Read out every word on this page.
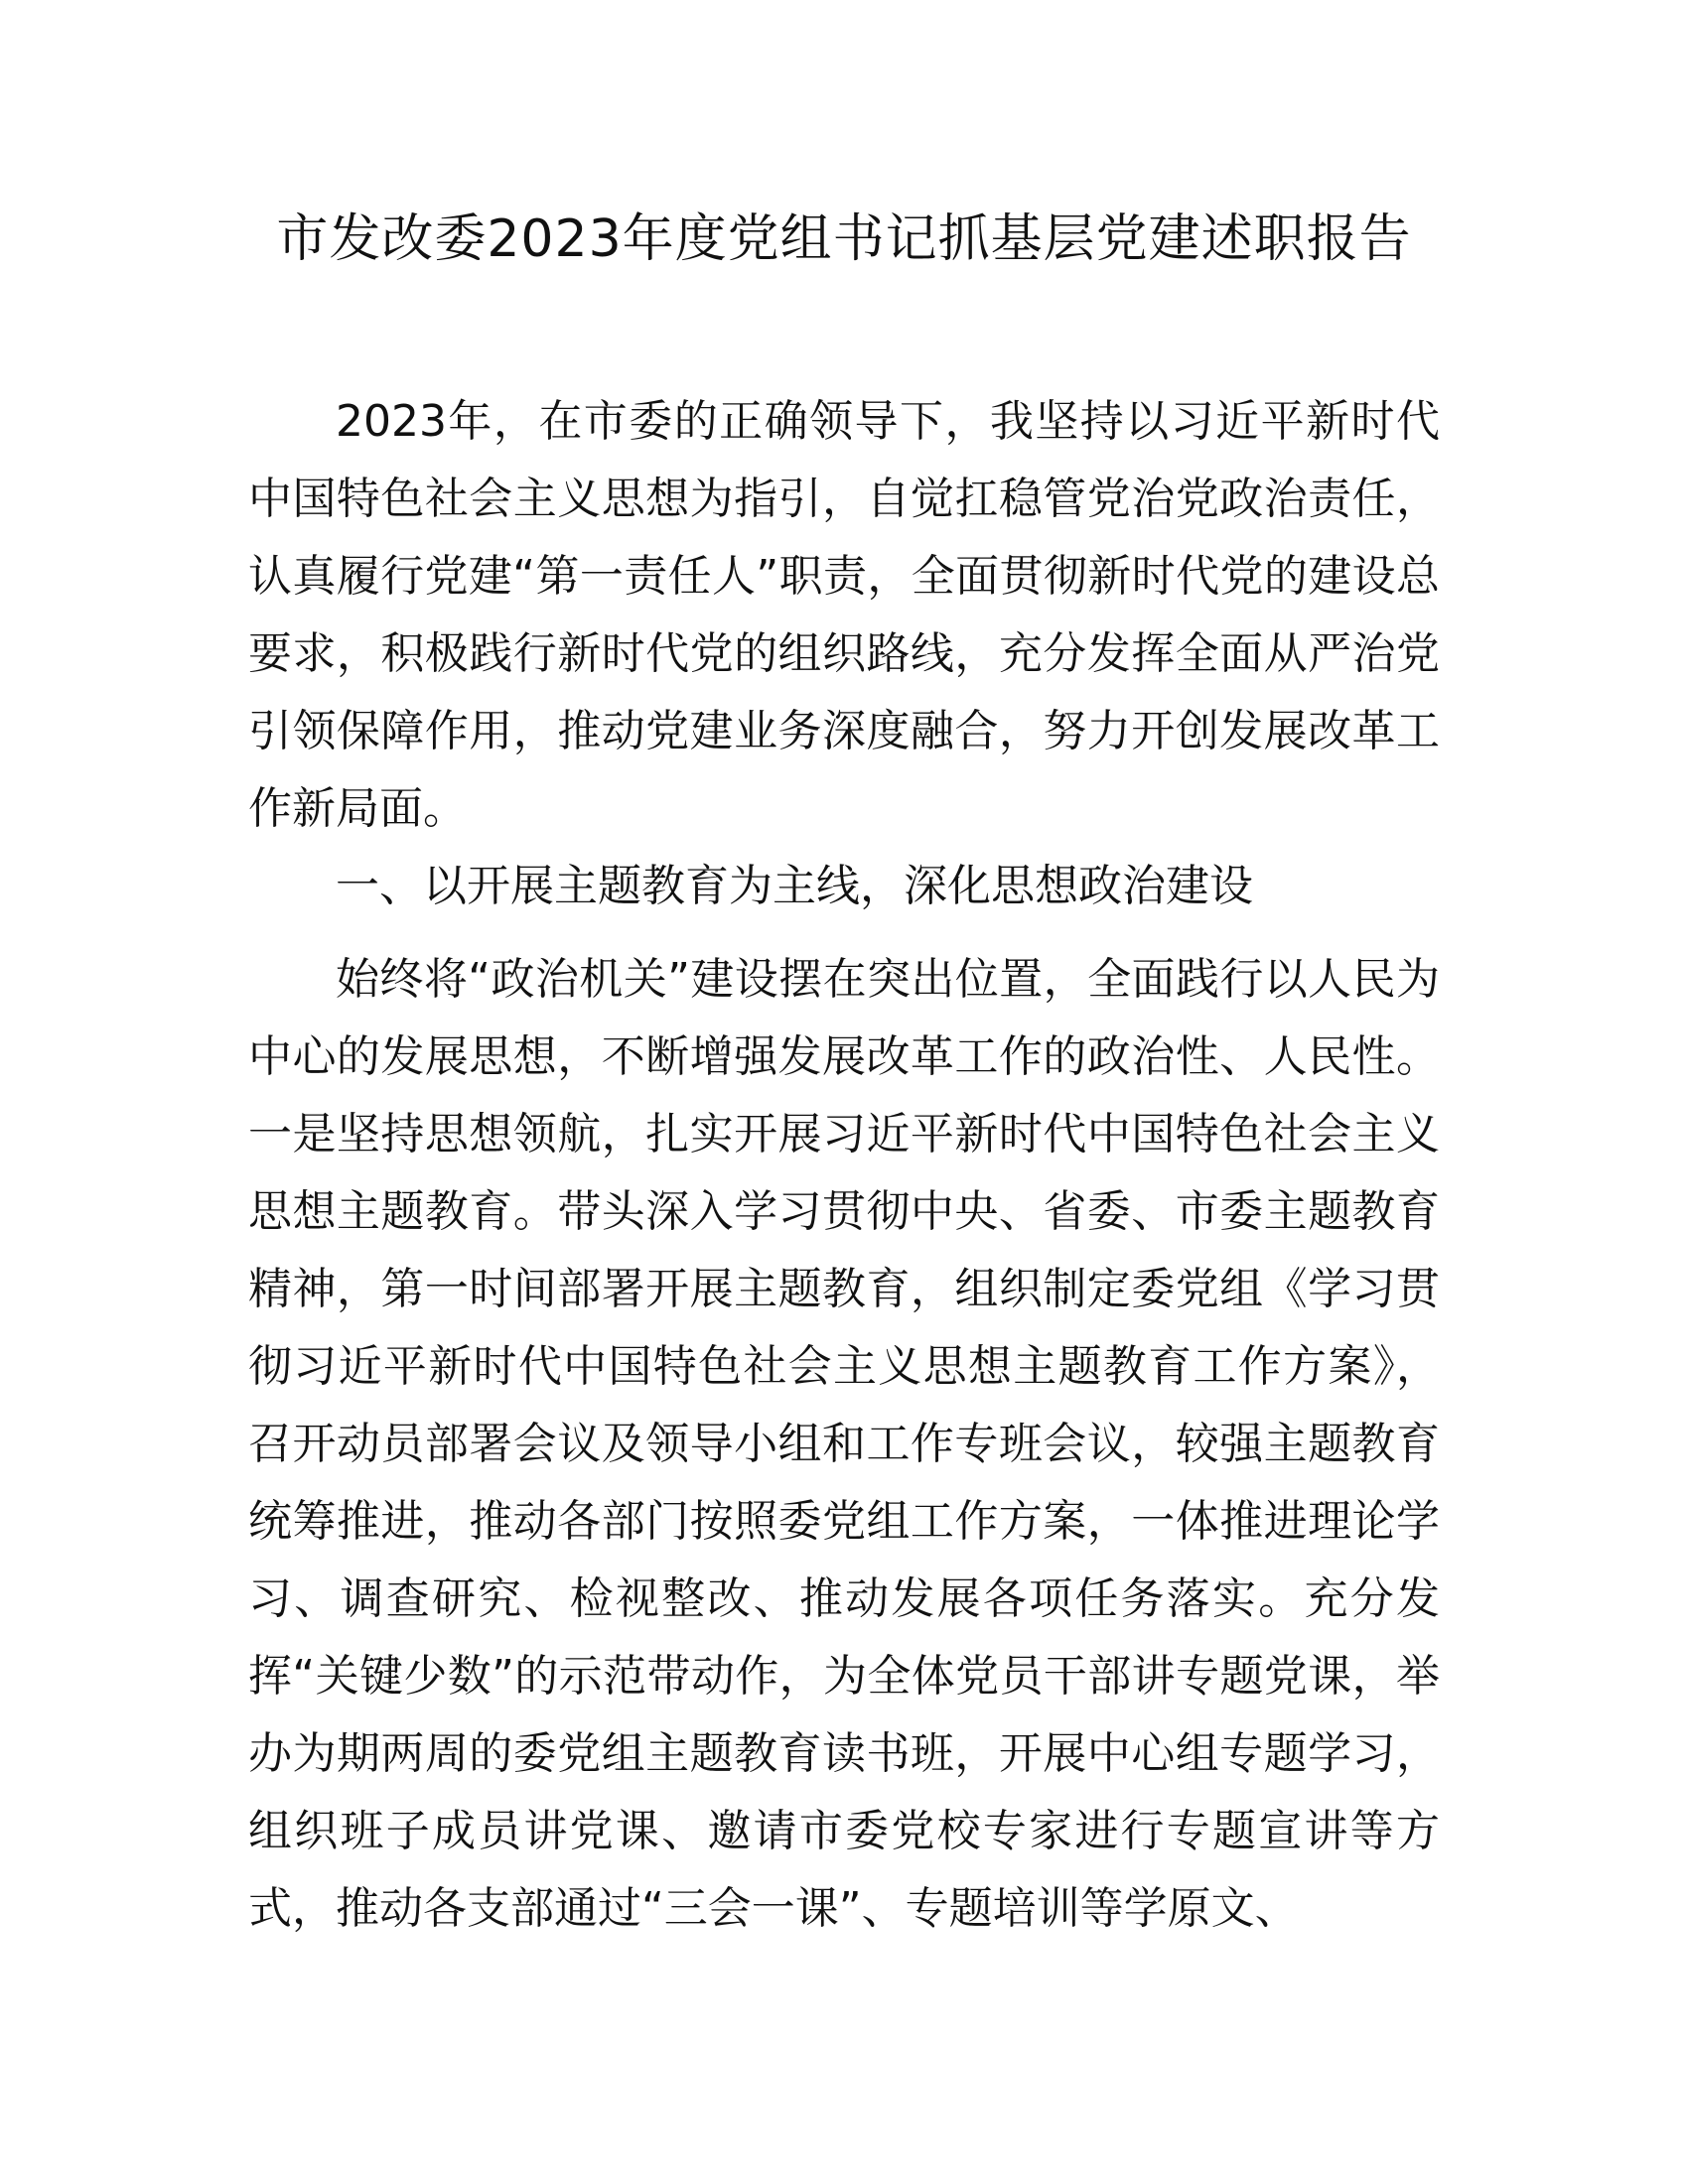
市发改委2023年度党组书记抓基层党建述职报告

2023年，在市委的正确领导下，我坚持以习近平新时代中国特色社会主义思想为指引，自觉扛稳管党治党政治责任，认真履行党建“第一责任人”职责，全面贯彻新时代党的建设总要求，积极践行新时代党的组织路线，充分发挥全面从严治党引领保障作用，推动党建业务深度融合，努力开创发展改革工作新局面。

一、以开展主题教育为主线，深化思想政治建设

始终将“政治机关”建设摆在突出位置，全面践行以人民为中心的发展思想，不断增强发展改革工作的政治性、人民性。一是坚持思想领航，扎实开展习近平新时代中国特色社会主义思想主题教育。带头深入学习贯彻中央、省委、市委主题教育精神，第一时间部署开展主题教育，组织制定委党组《学习贯彻习近平新时代中国特色社会主义思想主题教育工作方案》，召开动员部署会议及领导小组和工作专班会议，较强主题教育统筹推进，推动各部门按照委党组工作方案，一体推进理论学习、调查研究、检视整改、推动发展各项任务落实。充分发挥“关键少数”的示范带动作，为全体党员干部讲专题党课，举办为期两周的委党组主题教育读书班，开展中心组专题学习，组织班子成员讲党课、邀请市委党校专家进行专题宣讲等方式，推动各支部通过“三会一课”、专题培训等学原文、
